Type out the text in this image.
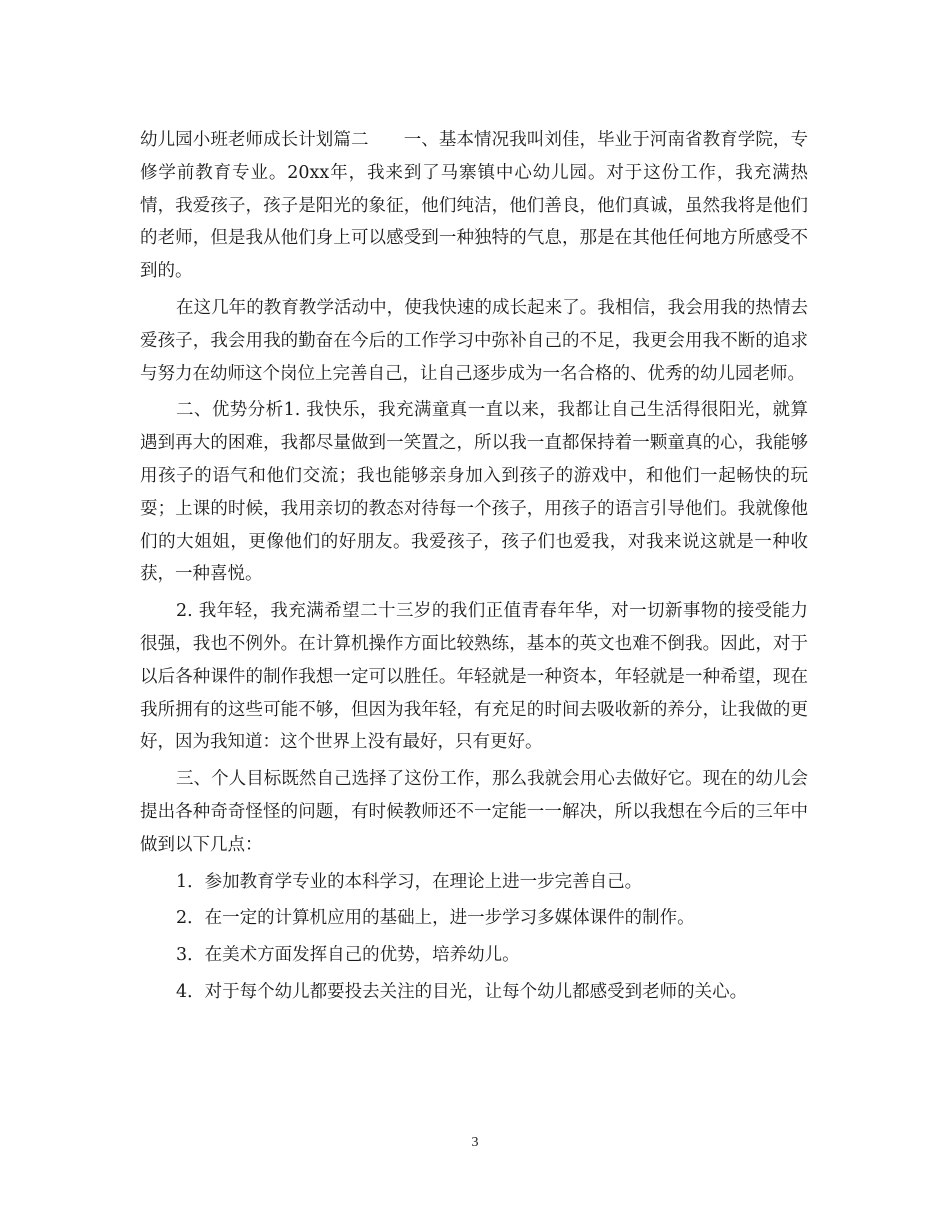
幼儿园小班老师成长计划篇二　　一、基本情况我叫刘佳，毕业于河南省教育学院，专修学前教育专业。20xx年，我来到了马寨镇中心幼儿园。对于这份工作，我充满热情，我爱孩子，孩子是阳光的象征，他们纯洁，他们善良，他们真诚，虽然我将是他们的老师，但是我从他们身上可以感受到一种独特的气息，那是在其他任何地方所感受不到的。

在这几年的教育教学活动中，使我快速的成长起来了。我相信，我会用我的热情去爱孩子，我会用我的勤奋在今后的工作学习中弥补自己的不足，我更会用我不断的追求与努力在幼师这个岗位上完善自己，让自己逐步成为一名合格的、优秀的幼儿园老师。

二、优势分析1. 我快乐，我充满童真一直以来，我都让自己生活得很阳光，就算遇到再大的困难，我都尽量做到一笑置之，所以我一直都保持着一颗童真的心，我能够用孩子的语气和他们交流；我也能够亲身加入到孩子的游戏中，和他们一起畅快的玩耍；上课的时候，我用亲切的教态对待每一个孩子，用孩子的语言引导他们。我就像他们的大姐姐，更像他们的好朋友。我爱孩子，孩子们也爱我，对我来说这就是一种收获，一种喜悦。

2. 我年轻，我充满希望二十三岁的我们正值青春年华，对一切新事物的接受能力很强，我也不例外。在计算机操作方面比较熟练，基本的英文也难不倒我。因此，对于以后各种课件的制作我想一定可以胜任。年轻就是一种资本，年轻就是一种希望，现在我所拥有的这些可能不够，但因为我年轻，有充足的时间去吸收新的养分，让我做的更好，因为我知道：这个世界上没有最好，只有更好。

三、个人目标既然自己选择了这份工作，那么我就会用心去做好它。现在的幼儿会提出各种奇奇怪怪的问题，有时候教师还不一定能一一解决，所以我想在今后的三年中做到以下几点：

1．参加教育学专业的本科学习，在理论上进一步完善自己。

2．在一定的计算机应用的基础上，进一步学习多媒体课件的制作。

3．在美术方面发挥自己的优势，培养幼儿。

4．对于每个幼儿都要投去关注的目光，让每个幼儿都感受到老师的关心。

3
